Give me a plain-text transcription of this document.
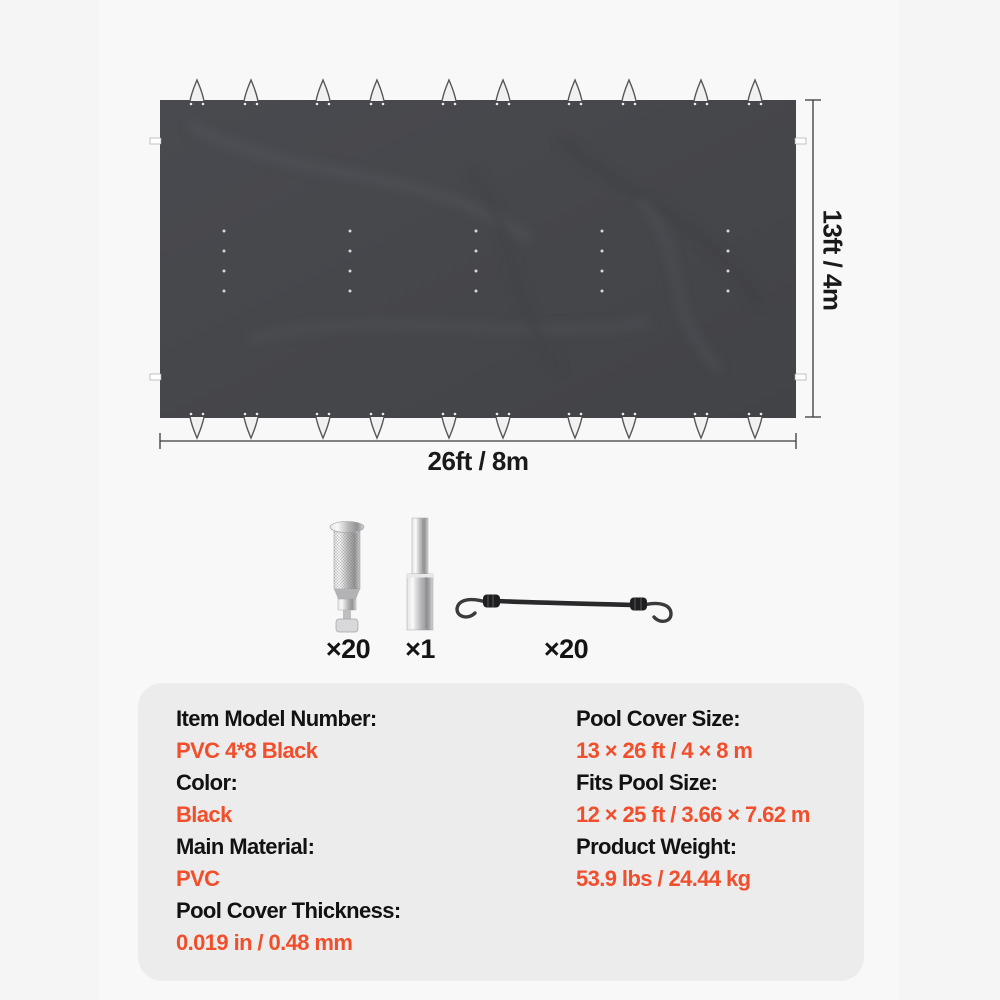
26ft / 8m
13ft / 4m
×20 ×1	×20
Item Model Number:
PVC 4*8 Black
Color:
Black
Main Material:
PVC
Pool Cover Thickness:
0.019 in / 0.48 mm
Pool Cover Size:
13 × 26 ft / 4 × 8 m
Fits Pool Size:
12 × 25 ft / 3.66 × 7.62 m
Product Weight:
53.9 lbs / 24.44 kg
